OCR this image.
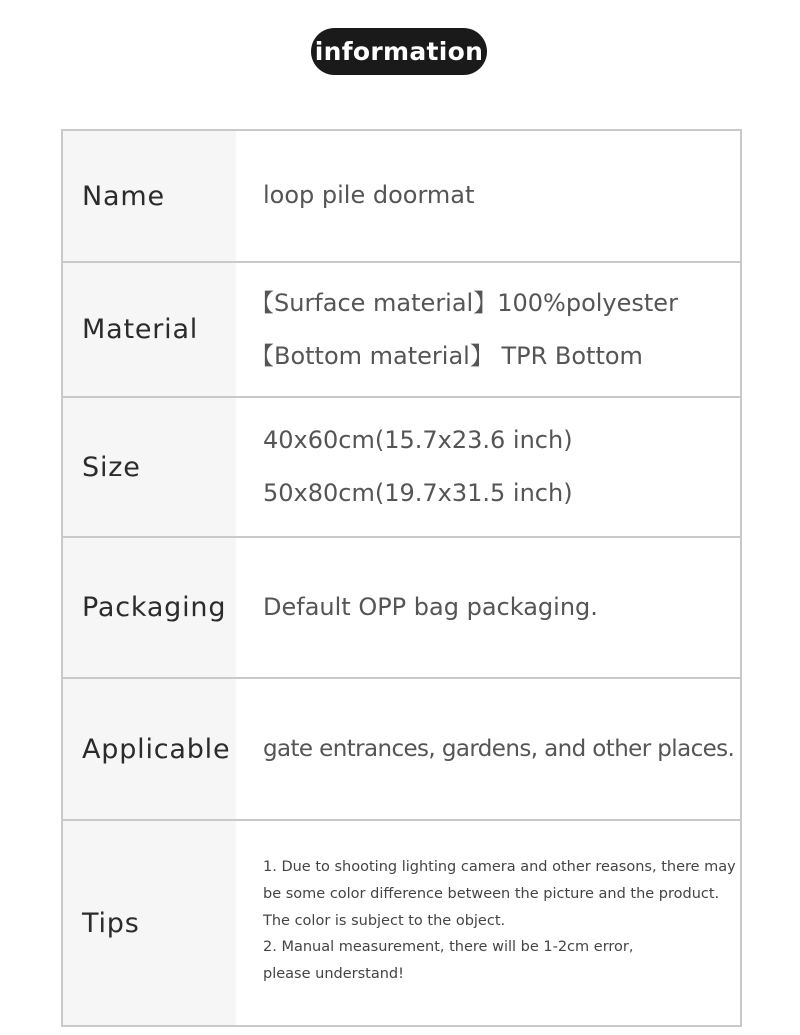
information
Name	loop pile doormat
Material
【Surface material】100%polyester
【Bottom material】 TPR Bottom
Size
40x60cm(15.7x23.6 inch)
50x80cm(19.7x31.5 inch)
Packaging	Default OPP bag packaging.
Applicable gate entrances, gardens, and other places.
Tips
1. Due to shooting lighting camera and other reasons, there may
be some color difference between the picture and the product.
The color is subject to the object.
2. Manual measurement, there will be 1-2cm error,
please understand!
